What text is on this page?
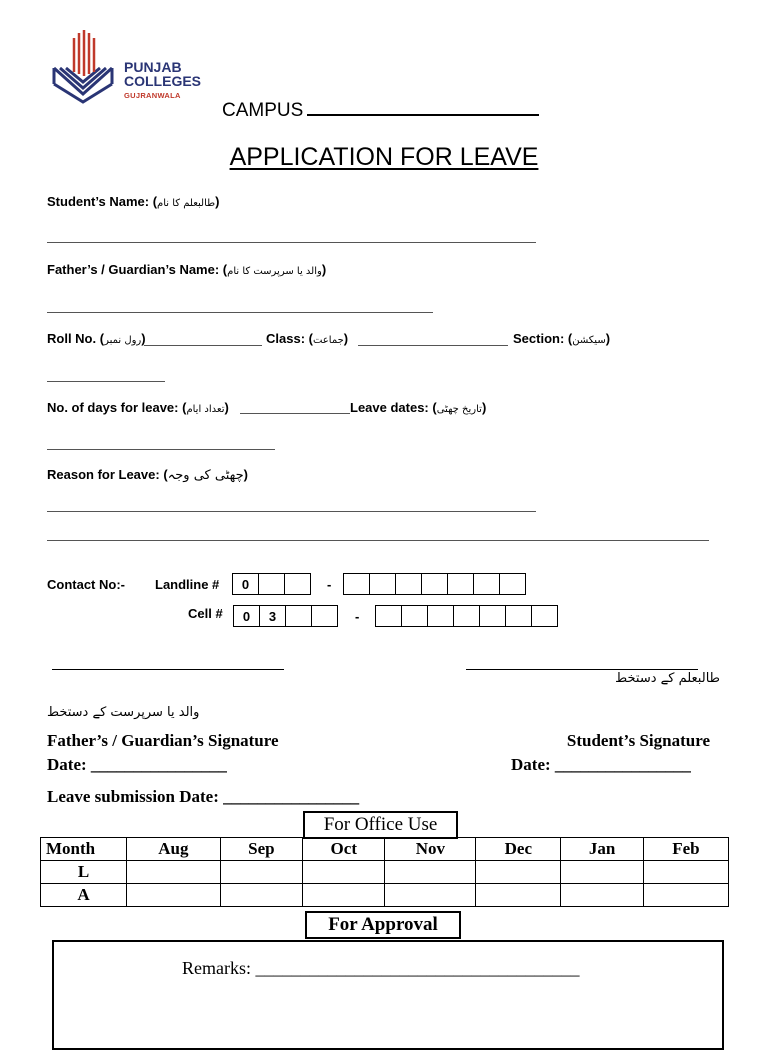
PUNJAB
COLLEGES
GUJRANWALA
CAMPUS
APPLICATION FOR LEAVE
Student’s Name: (طالبعلم کا نام)
Father’s / Guardian’s Name: (والد یا سرپرست کا نام)
Roll No. (رول نمبر)	Class: (جماعت)	Section: (سیکشن)
No. of days for leave: (تعداد ایام)	Leave dates: (تاریخ چھٹی)
Reason for Leave: (چھٹی کی وجہ)
Contact No:- Landline #	0	-
Cell #	0	3	-
طالبعلم کے دستخط
والد یا سرپرست کے دستخط
Father’s / Guardian’s Signature	Student’s Signature
Date: ________________	Date: ________________
Leave submission Date: ________________
For Office Use
Month	Aug	Sep	Oct	Nov	Dec	Jan	Feb
L							
A							
Remarks: ____________________________________
For Approval
